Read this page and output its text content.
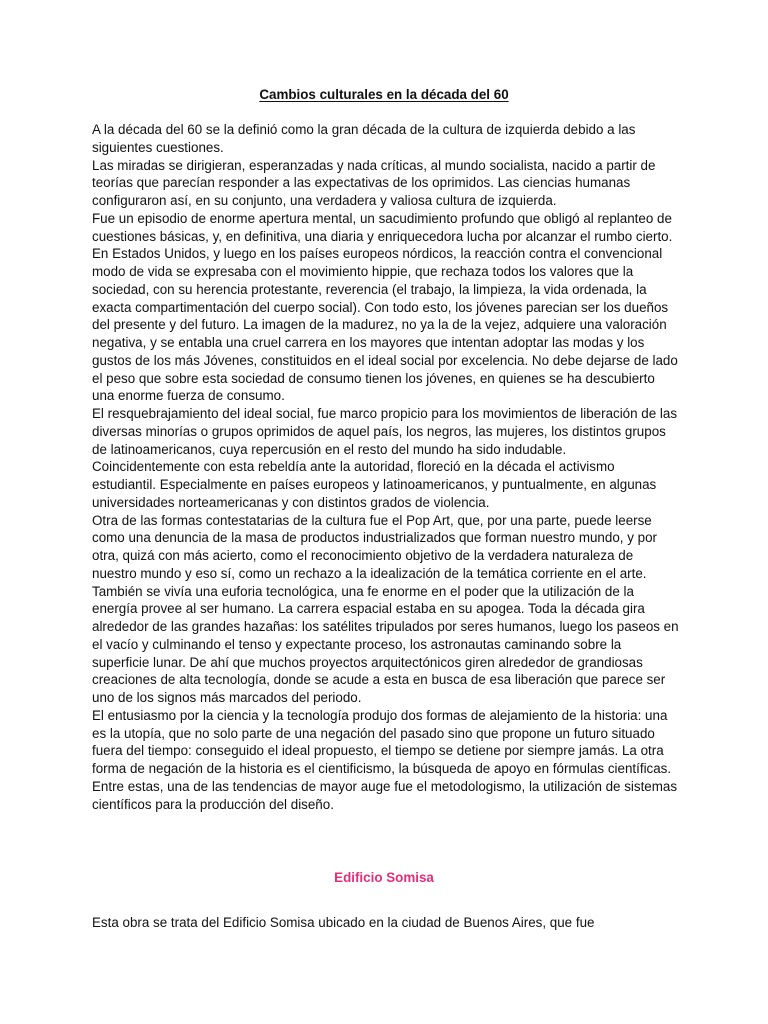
Cambios culturales en la década del 60

A la década del 60 se la definió como la gran década de la cultura de izquierda debido a las siguientes cuestiones.

Las miradas se dirigieran, esperanzadas y nada críticas, al mundo socialista, nacido a partir de teorías que parecían responder a las expectativas de los oprimidos. Las ciencias humanas configuraron así, en su conjunto, una verdadera y valiosa cultura de izquierda.

Fue un episodio de enorme apertura mental, un sacudimiento profundo que obligó al replanteo de cuestiones básicas, y, en definitiva, una diaria y enriquecedora lucha por alcanzar el rumbo cierto.

En Estados Unidos, y luego en los países europeos nórdicos, la reacción contra el convencional modo de vida se expresaba con el movimiento hippie, que rechaza todos los valores que la sociedad, con su herencia protestante, reverencia (el trabajo, la limpieza, la vida ordenada, la exacta compartimentación del cuerpo social). Con todo esto, los jóvenes parecian ser los dueños del presente y del futuro. La imagen de la madurez, no ya la de la vejez, adquiere una valoración negativa, y se entabla una cruel carrera en los mayores que intentan adoptar las modas y los gustos de los más Jóvenes, constituidos en el ideal social por excelencia. No debe dejarse de lado el peso que sobre esta sociedad de consumo tienen los jóvenes, en quienes se ha descubierto una enorme fuerza de consumo.

El resquebrajamiento del ideal social, fue marco propicio para los movimientos de liberación de las diversas minorías o grupos oprimidos de aquel país, los negros, las mujeres, los distintos grupos de latinoamericanos, cuya repercusión en el resto del mundo ha sido indudable.

Coincidentemente con esta rebeldía ante la autoridad, floreció en la década el activismo estudiantil. Especialmente en países europeos y latinoamericanos, y puntualmente, en algunas universidades norteamericanas y con distintos grados de violencia.

Otra de las formas contestatarias de la cultura fue el Pop Art, que, por una parte, puede leerse como una denuncia de la masa de productos industrializados que forman nuestro mundo, y por otra, quizá con más acierto, como el reconocimiento objetivo de la verdadera naturaleza de nuestro mundo y eso sí, como un rechazo a la idealización de la temática corriente en el arte.

También se vivía una euforia tecnológica, una fe enorme en el poder que la utilización de la energía provee al ser humano. La carrera espacial estaba en su apogea. Toda la década gira alrededor de las grandes hazañas: los satélites tripulados por seres humanos, luego los paseos en el vacío y culminando el tenso y expectante proceso, los astronautas caminando sobre la superficie lunar. De ahí que muchos proyectos arquitectónicos giren alrededor de grandiosas creaciones de alta tecnología, donde se acude a esta en busca de esa liberación que parece ser uno de los signos más marcados del periodo.

El entusiasmo por la ciencia y la tecnología produjo dos formas de alejamiento de la historia: una es la utopía, que no solo parte de una negación del pasado sino que propone un futuro situado fuera del tiempo: conseguido el ideal propuesto, el tiempo se detiene por siempre jamás. La otra forma de negación de la historia es el cientificismo, la búsqueda de apoyo en fórmulas científicas. Entre estas, una de las tendencias de mayor auge fue el metodologismo, la utilización de sistemas científicos para la producción del diseño.

Edificio Somisa

Esta obra se trata del Edificio Somisa ubicado en la ciudad de Buenos Aires, que fue
